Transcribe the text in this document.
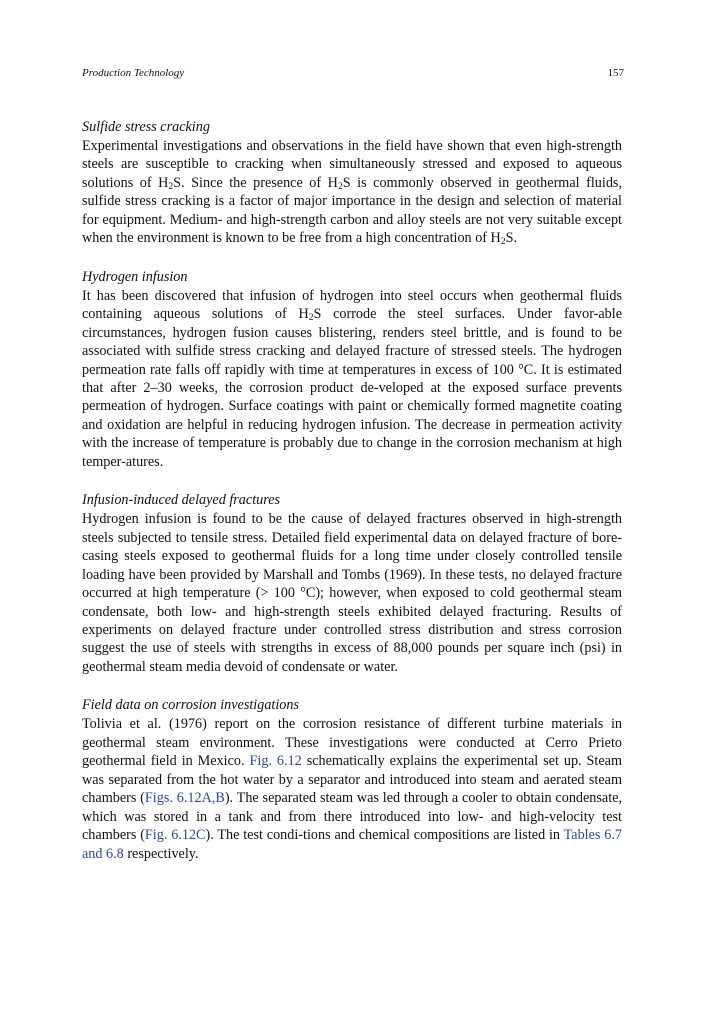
Production Technology	157
Sulfide stress cracking
Experimental investigations and observations in the field have shown that even high-strength steels are susceptible to cracking when simultaneously stressed and exposed to aqueous solutions of $H_2S$. Since the presence of $H_2S$ is commonly observed in geothermal fluids, sulfide stress cracking is a factor of major importance in the design and selection of material for equipment. Medium- and high-strength carbon and alloy steels are not very suitable except when the environment is known to be free from a high concentration of $H_2S$.
Hydrogen infusion
It has been discovered that infusion of hydrogen into steel occurs when geothermal fluids containing aqueous solutions of $H_2S$ corrode the steel surfaces. Under favor-able circumstances, hydrogen fusion causes blistering, renders steel brittle, and is found to be associated with sulfide stress cracking and delayed fracture of stressed steels. The hydrogen permeation rate falls off rapidly with time at temperatures in excess of 100 °C. It is estimated that after 2–30 weeks, the corrosion product de-veloped at the exposed surface prevents permeation of hydrogen. Surface coatings with paint or chemically formed magnetite coating and oxidation are helpful in reducing hydrogen infusion. The decrease in permeation activity with the increase of temperature is probably due to change in the corrosion mechanism at high temper-atures.
Infusion-induced delayed fractures
Hydrogen infusion is found to be the cause of delayed fractures observed in high-strength steels subjected to tensile stress. Detailed field experimental data on delayed fracture of bore-casing steels exposed to geothermal fluids for a long time under closely controlled tensile loading have been provided by Marshall and Tombs (1969). In these tests, no delayed fracture occurred at high temperature (> 100 °C); however, when exposed to cold geothermal steam condensate, both low- and high-strength steels exhibited delayed fracturing. Results of experiments on delayed fracture under controlled stress distribution and stress corrosion suggest the use of steels with strengths in excess of 88,000 pounds per square inch (psi) in geothermal steam media devoid of condensate or water.
Field data on corrosion investigations
Tolivia et al. (1976) report on the corrosion resistance of different turbine materials in geothermal steam environment. These investigations were conducted at Cerro Prieto geothermal field in Mexico. Fig. 6.12 schematically explains the experimental set up. Steam was separated from the hot water by a separator and introduced into steam and aerated steam chambers (Figs. 6.12A,B). The separated steam was led through a cooler to obtain condensate, which was stored in a tank and from there introduced into low- and high-velocity test chambers (Fig. 6.12C). The test condi-tions and chemical compositions are listed in Tables 6.7 and 6.8 respectively.
